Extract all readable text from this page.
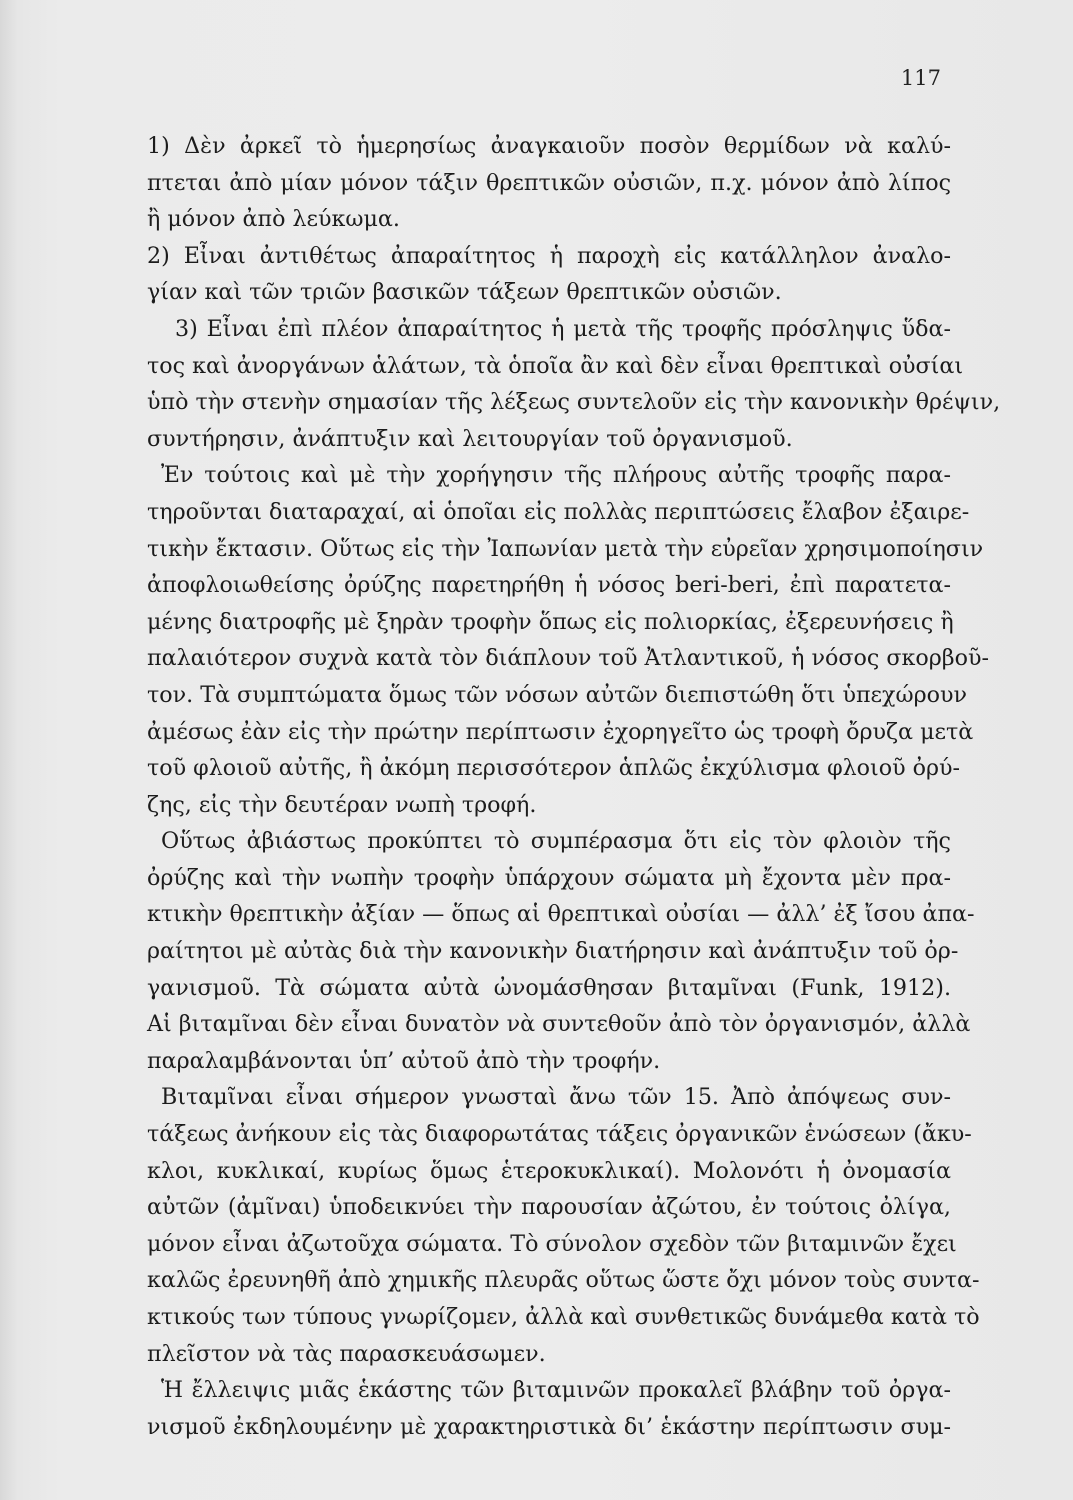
117
1) Δὲν ἀρκεῖ τὸ ἡμερησίως ἀναγκαιοῦν ποσὸν θερμίδων νὰ καλύ-
πτεται ἀπὸ μίαν μόνον τάξιν θρεπτικῶν οὐσιῶν, π.χ. μόνον ἀπὸ λίπος
ἢ μόνον ἀπὸ λεύκωμα.
2) Εἶναι ἀντιθέτως ἀπαραίτητος ἡ παροχὴ εἰς κατάλληλον ἀναλο-
γίαν καὶ τῶν τριῶν βασικῶν τάξεων θρεπτικῶν οὐσιῶν.
3) Εἶναι ἐπὶ πλέον ἀπαραίτητος ἡ μετὰ τῆς τροφῆς πρόσληψις ὕδα-
τος καὶ ἀνοργάνων ἁλάτων, τὰ ὁποῖα ἂν καὶ δὲν εἶναι θρεπτικαὶ οὐσίαι
ὑπὸ τὴν στενὴν σημασίαν τῆς λέξεως συντελοῦν εἰς τὴν κανονικὴν θρέψιν,
συντήρησιν, ἀνάπτυξιν καὶ λειτουργίαν τοῦ ὀργανισμοῦ.
Ἐν τούτοις καὶ μὲ τὴν χορήγησιν τῆς πλήρους αὐτῆς τροφῆς παρα-
τηροῦνται διαταραχαί, αἱ ὁποῖαι εἰς πολλὰς περιπτώσεις ἔλαβον ἐξαιρε-
τικὴν ἔκτασιν. Οὕτως εἰς τὴν Ἰαπωνίαν μετὰ τὴν εὐρεῖαν χρησιμοποίησιν
ἀποφλοιωθείσης ὀρύζης παρετηρήθη ἡ νόσος beri-beri, ἐπὶ παρατετα-
μένης διατροφῆς μὲ ξηρὰν τροφὴν ὅπως εἰς πολιορκίας, ἐξερευνήσεις ἢ
παλαιότερον συχνὰ κατὰ τὸν διάπλουν τοῦ Ἀτλαντικοῦ, ἡ νόσος σκορβοῦ-
τον. Τὰ συμπτώματα ὅμως τῶν νόσων αὐτῶν διεπιστώθη ὅτι ὑπεχώρουν
ἀμέσως ἐὰν εἰς τὴν πρώτην περίπτωσιν ἐχορηγεῖτο ὡς τροφὴ ὄρυζα μετὰ
τοῦ φλοιοῦ αὐτῆς, ἢ ἀκόμη περισσότερον ἁπλῶς ἐκχύλισμα φλοιοῦ ὀρύ-
ζης, εἰς τὴν δευτέραν νωπὴ τροφή.
Οὕτως ἀβιάστως προκύπτει τὸ συμπέρασμα ὅτι εἰς τὸν φλοιὸν τῆς
ὀρύζης καὶ τὴν νωπὴν τροφὴν ὑπάρχουν σώματα μὴ ἔχοντα μὲν πρα-
κτικὴν θρεπτικὴν ἀξίαν — ὅπως αἱ θρεπτικαὶ οὐσίαι — ἀλλ’ ἐξ ἴσου ἀπα-
ραίτητοι μὲ αὐτὰς διὰ τὴν κανονικὴν διατήρησιν καὶ ἀνάπτυξιν τοῦ ὀρ-
γανισμοῦ. Τὰ σώματα αὐτὰ ὠνομάσθησαν βιταμῖναι (Funk, 1912).
Αἱ βιταμῖναι δὲν εἶναι δυνατὸν νὰ συντεθοῦν ἀπὸ τὸν ὀργανισμόν, ἀλλὰ
παραλαμβάνονται ὑπ’ αὐτοῦ ἀπὸ τὴν τροφήν.
Βιταμῖναι εἶναι σήμερον γνωσταὶ ἄνω τῶν 15. Ἀπὸ ἀπόψεως συν-
τάξεως ἀνήκουν εἰς τὰς διαφορωτάτας τάξεις ὀργανικῶν ἑνώσεων (ἄκυ-
κλοι, κυκλικαί, κυρίως ὅμως ἑτεροκυκλικαί). Μολονότι ἡ ὀνομασία
αὐτῶν (ἀμῖναι) ὑποδεικνύει τὴν παρουσίαν ἀζώτου, ἐν τούτοις ὀλίγα,
μόνον εἶναι ἀζωτοῦχα σώματα. Τὸ σύνολον σχεδὸν τῶν βιταμινῶν ἔχει
καλῶς ἐρευνηθῆ ἀπὸ χημικῆς πλευρᾶς οὕτως ὥστε ὄχι μόνον τοὺς συντα-
κτικούς των τύπους γνωρίζομεν, ἀλλὰ καὶ συνθετικῶς δυνάμεθα κατὰ τὸ
πλεῖστον νὰ τὰς παρασκευάσωμεν.
Ἡ ἔλλειψις μιᾶς ἑκάστης τῶν βιταμινῶν προκαλεῖ βλάβην τοῦ ὀργα-
νισμοῦ ἐκδηλουμένην μὲ χαρακτηριστικὰ δι’ ἑκάστην περίπτωσιν συμ-
